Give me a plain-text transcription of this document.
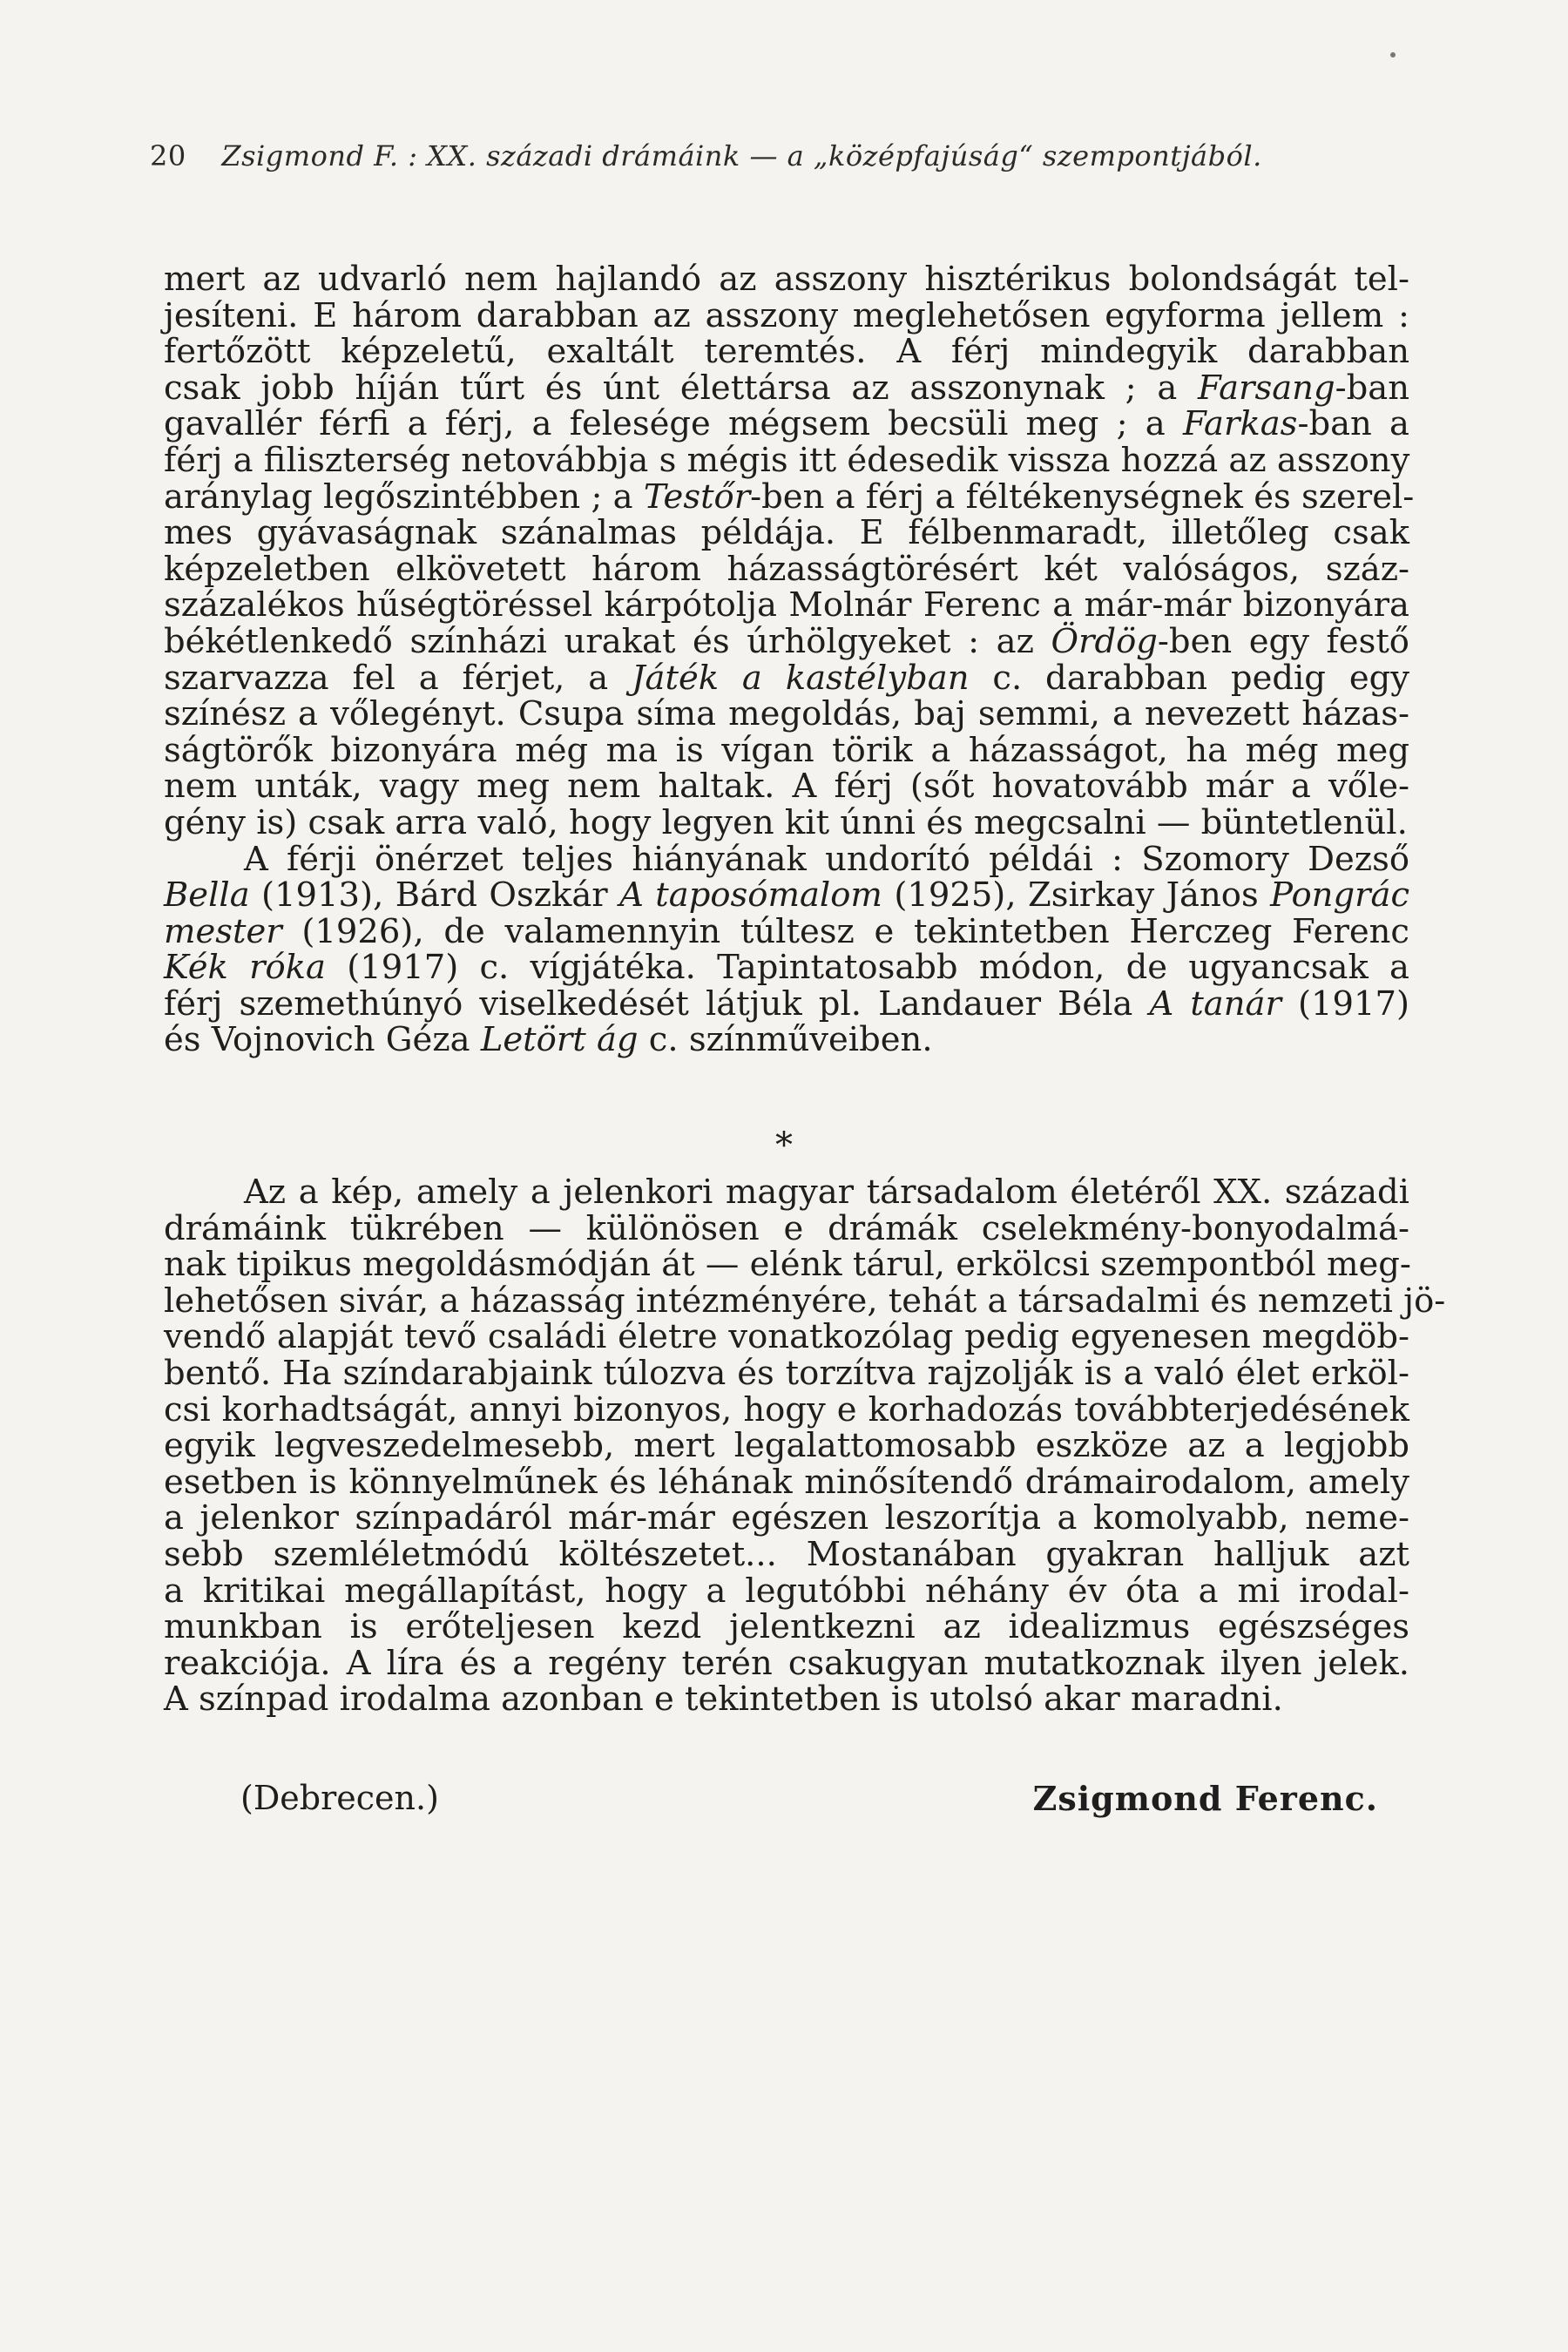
20 Zsigmond F. : XX. századi drámáink — a „középfajúság“ szempontjából.
mert az udvarló nem hajlandó az asszony hisztérikus bolondságát tel-
jesíteni. E három darabban az asszony meglehetősen egyforma jellem :
fertőzött képzeletű, exaltált teremtés. A férj mindegyik darabban
csak jobb híján tűrt és únt élettársa az asszonynak ; a Farsang-ban
gavallér férfi a férj, a felesége mégsem becsüli meg ; a Farkas-ban a
férj a filiszterség netovábbja s mégis itt édesedik vissza hozzá az asszony
aránylag legőszintébben ; a Testőr-ben a férj a féltékenységnek és szerel-
mes gyávaságnak szánalmas példája. E félbenmaradt, illetőleg csak
képzeletben elkövetett három házasságtörésért két valóságos, száz-
százalékos hűségtöréssel kárpótolja Molnár Ferenc a már-már bizonyára
békétlenkedő színházi urakat és úrhölgyeket : az Ördög-ben egy festő
szarvazza fel a férjet, a Játék a kastélyban c. darabban pedig egy
színész a vőlegényt. Csupa síma megoldás, baj semmi, a nevezett házas-
ságtörők bizonyára még ma is vígan törik a házasságot, ha még meg
nem unták, vagy meg nem haltak. A férj (sőt hovatovább már a vőle-
gény is) csak arra való, hogy legyen kit únni és megcsalni — büntetlenül.
A férji önérzet teljes hiányának undorító példái : Szomory Dezső
Bella (1913), Bárd Oszkár A taposómalom (1925), Zsirkay János Pongrác
mester (1926), de valamennyin túltesz e tekintetben Herczeg Ferenc
Kék róka (1917) c. vígjátéka. Tapintatosabb módon, de ugyancsak a
férj szemethúnyó viselkedését látjuk pl. Landauer Béla A tanár (1917)
és Vojnovich Géza Letört ág c. színműveiben.
*
Az a kép, amely a jelenkori magyar társadalom életéről XX. századi
drámáink tükrében — különösen e drámák cselekmény-bonyodalmá-
nak tipikus megoldásmódján át — elénk tárul, erkölcsi szempontból meg-
lehetősen sivár, a házasság intézményére, tehát a társadalmi és nemzeti jö-
vendő alapját tevő családi életre vonatkozólag pedig egyenesen megdöb-
bentő. Ha színdarabjaink túlozva és torzítva rajzolják is a való élet erköl-
csi korhadtságát, annyi bizonyos, hogy e korhadozás továbbterjedésének
egyik legveszedelmesebb, mert legalattomosabb eszköze az a legjobb
esetben is könnyelműnek és léhának minősítendő drámairodalom, amely
a jelenkor színpadáról már-már egészen leszorítja a komolyabb, neme-
sebb szemléletmódú költészetet... Mostanában gyakran halljuk azt
a kritikai megállapítást, hogy a legutóbbi néhány év óta a mi irodal-
munkban is erőteljesen kezd jelentkezni az idealizmus egészséges
reakciója. A líra és a regény terén csakugyan mutatkoznak ilyen jelek.
A színpad irodalma azonban e tekintetben is utolsó akar maradni.
(Debrecen.)	Zsigmond Ferenc.
